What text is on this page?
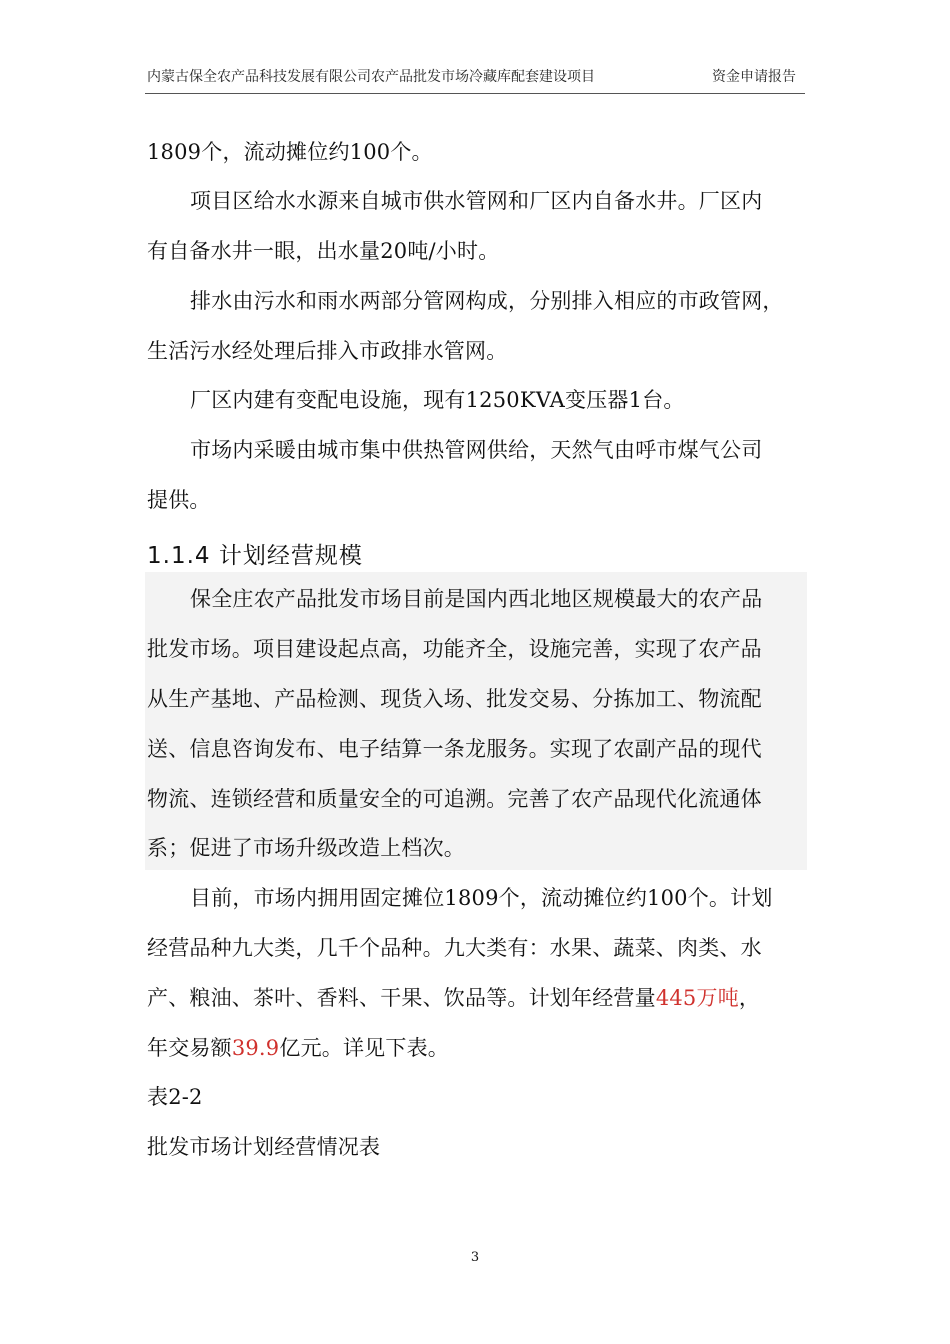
内蒙古保全农产品科技发展有限公司农产品批发市场冷藏库配套建设项目	资金申请报告
1809个，流动摊位约100个。
项目区给水水源来自城市供水管网和厂区内自备水井。厂区内
有自备水井一眼，出水量20吨/小时。
排水由污水和雨水两部分管网构成，分别排入相应的市政管网，
生活污水经处理后排入市政排水管网。
厂区内建有变配电设施，现有1250KVA变压器1台。
市场内采暖由城市集中供热管网供给，天然气由呼市煤气公司
提供。
1.1.4 计划经营规模
保全庄农产品批发市场目前是国内西北地区规模最大的农产品
批发市场。项目建设起点高，功能齐全，设施完善，实现了农产品
从生产基地、产品检测、现货入场、批发交易、分拣加工、物流配
送、信息咨询发布、电子结算一条龙服务。实现了农副产品的现代
物流、连锁经营和质量安全的可追溯。完善了农产品现代化流通体
系；促进了市场升级改造上档次。
目前，市场内拥用固定摊位1809个，流动摊位约100个。计划
经营品种九大类，几千个品种。九大类有：水果、蔬菜、肉类、水
产、粮油、茶叶、香料、干果、饮品等。计划年经营量445万吨，
年交易额39.9亿元。详见下表。
表2-2
批发市场计划经营情况表
3
